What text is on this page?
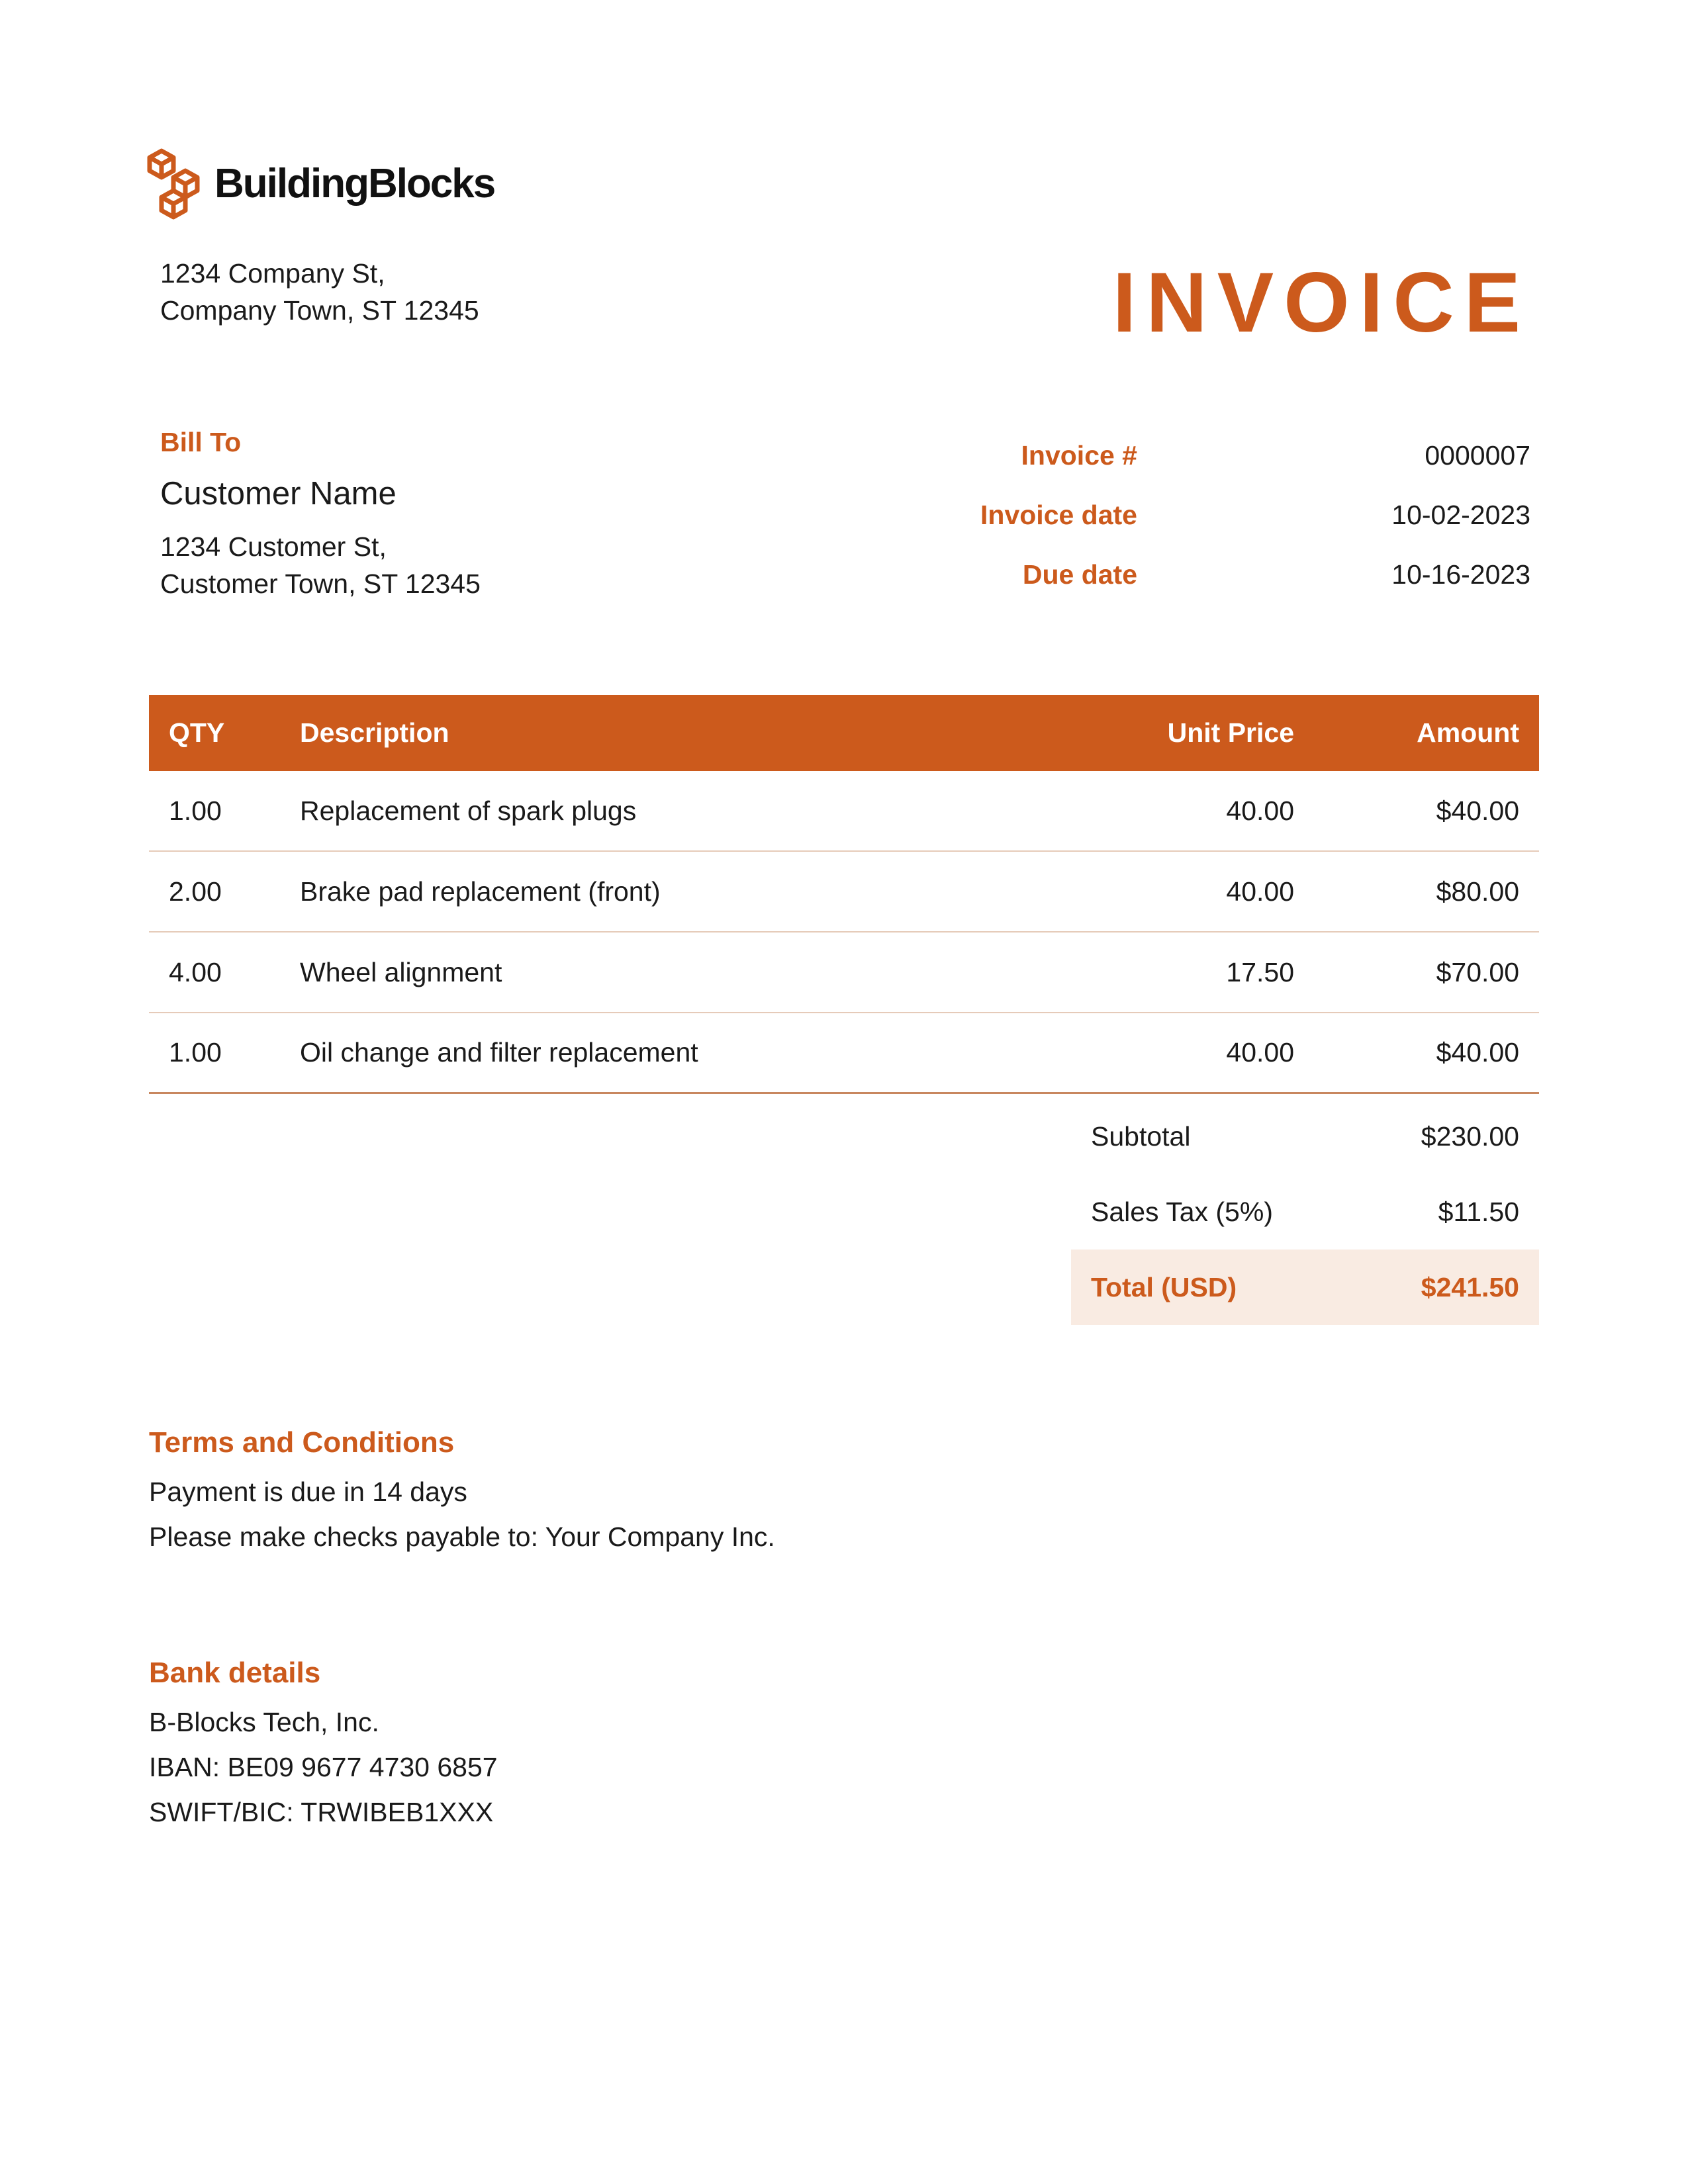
BuildingBlocks
1234 Company St,
Company Town, ST 12345	INVOICE
Bill To
Customer Name
1234 Customer St,
Customer Town, ST 12345
Invoice #	0000007
Invoice date	10-02-2023
Due date	10-16-2023
QTY	Description	Unit Price	Amount
1.00	Replacement of spark plugs	40.00	$40.00
2.00	Brake pad replacement (front)	40.00	$80.00
4.00	Wheel alignment	17.50	$70.00
1.00	Oil change and filter replacement	40.00	$40.00
Subtotal	$230.00
Sales Tax (5%)	$11.50
Total (USD)	$241.50
Terms and Conditions
Payment is due in 14 days
Please make checks payable to: Your Company Inc.
Bank details
B-Blocks Tech, Inc.
IBAN: BE09 9677 4730 6857
SWIFT/BIC: TRWIBEB1XXX
